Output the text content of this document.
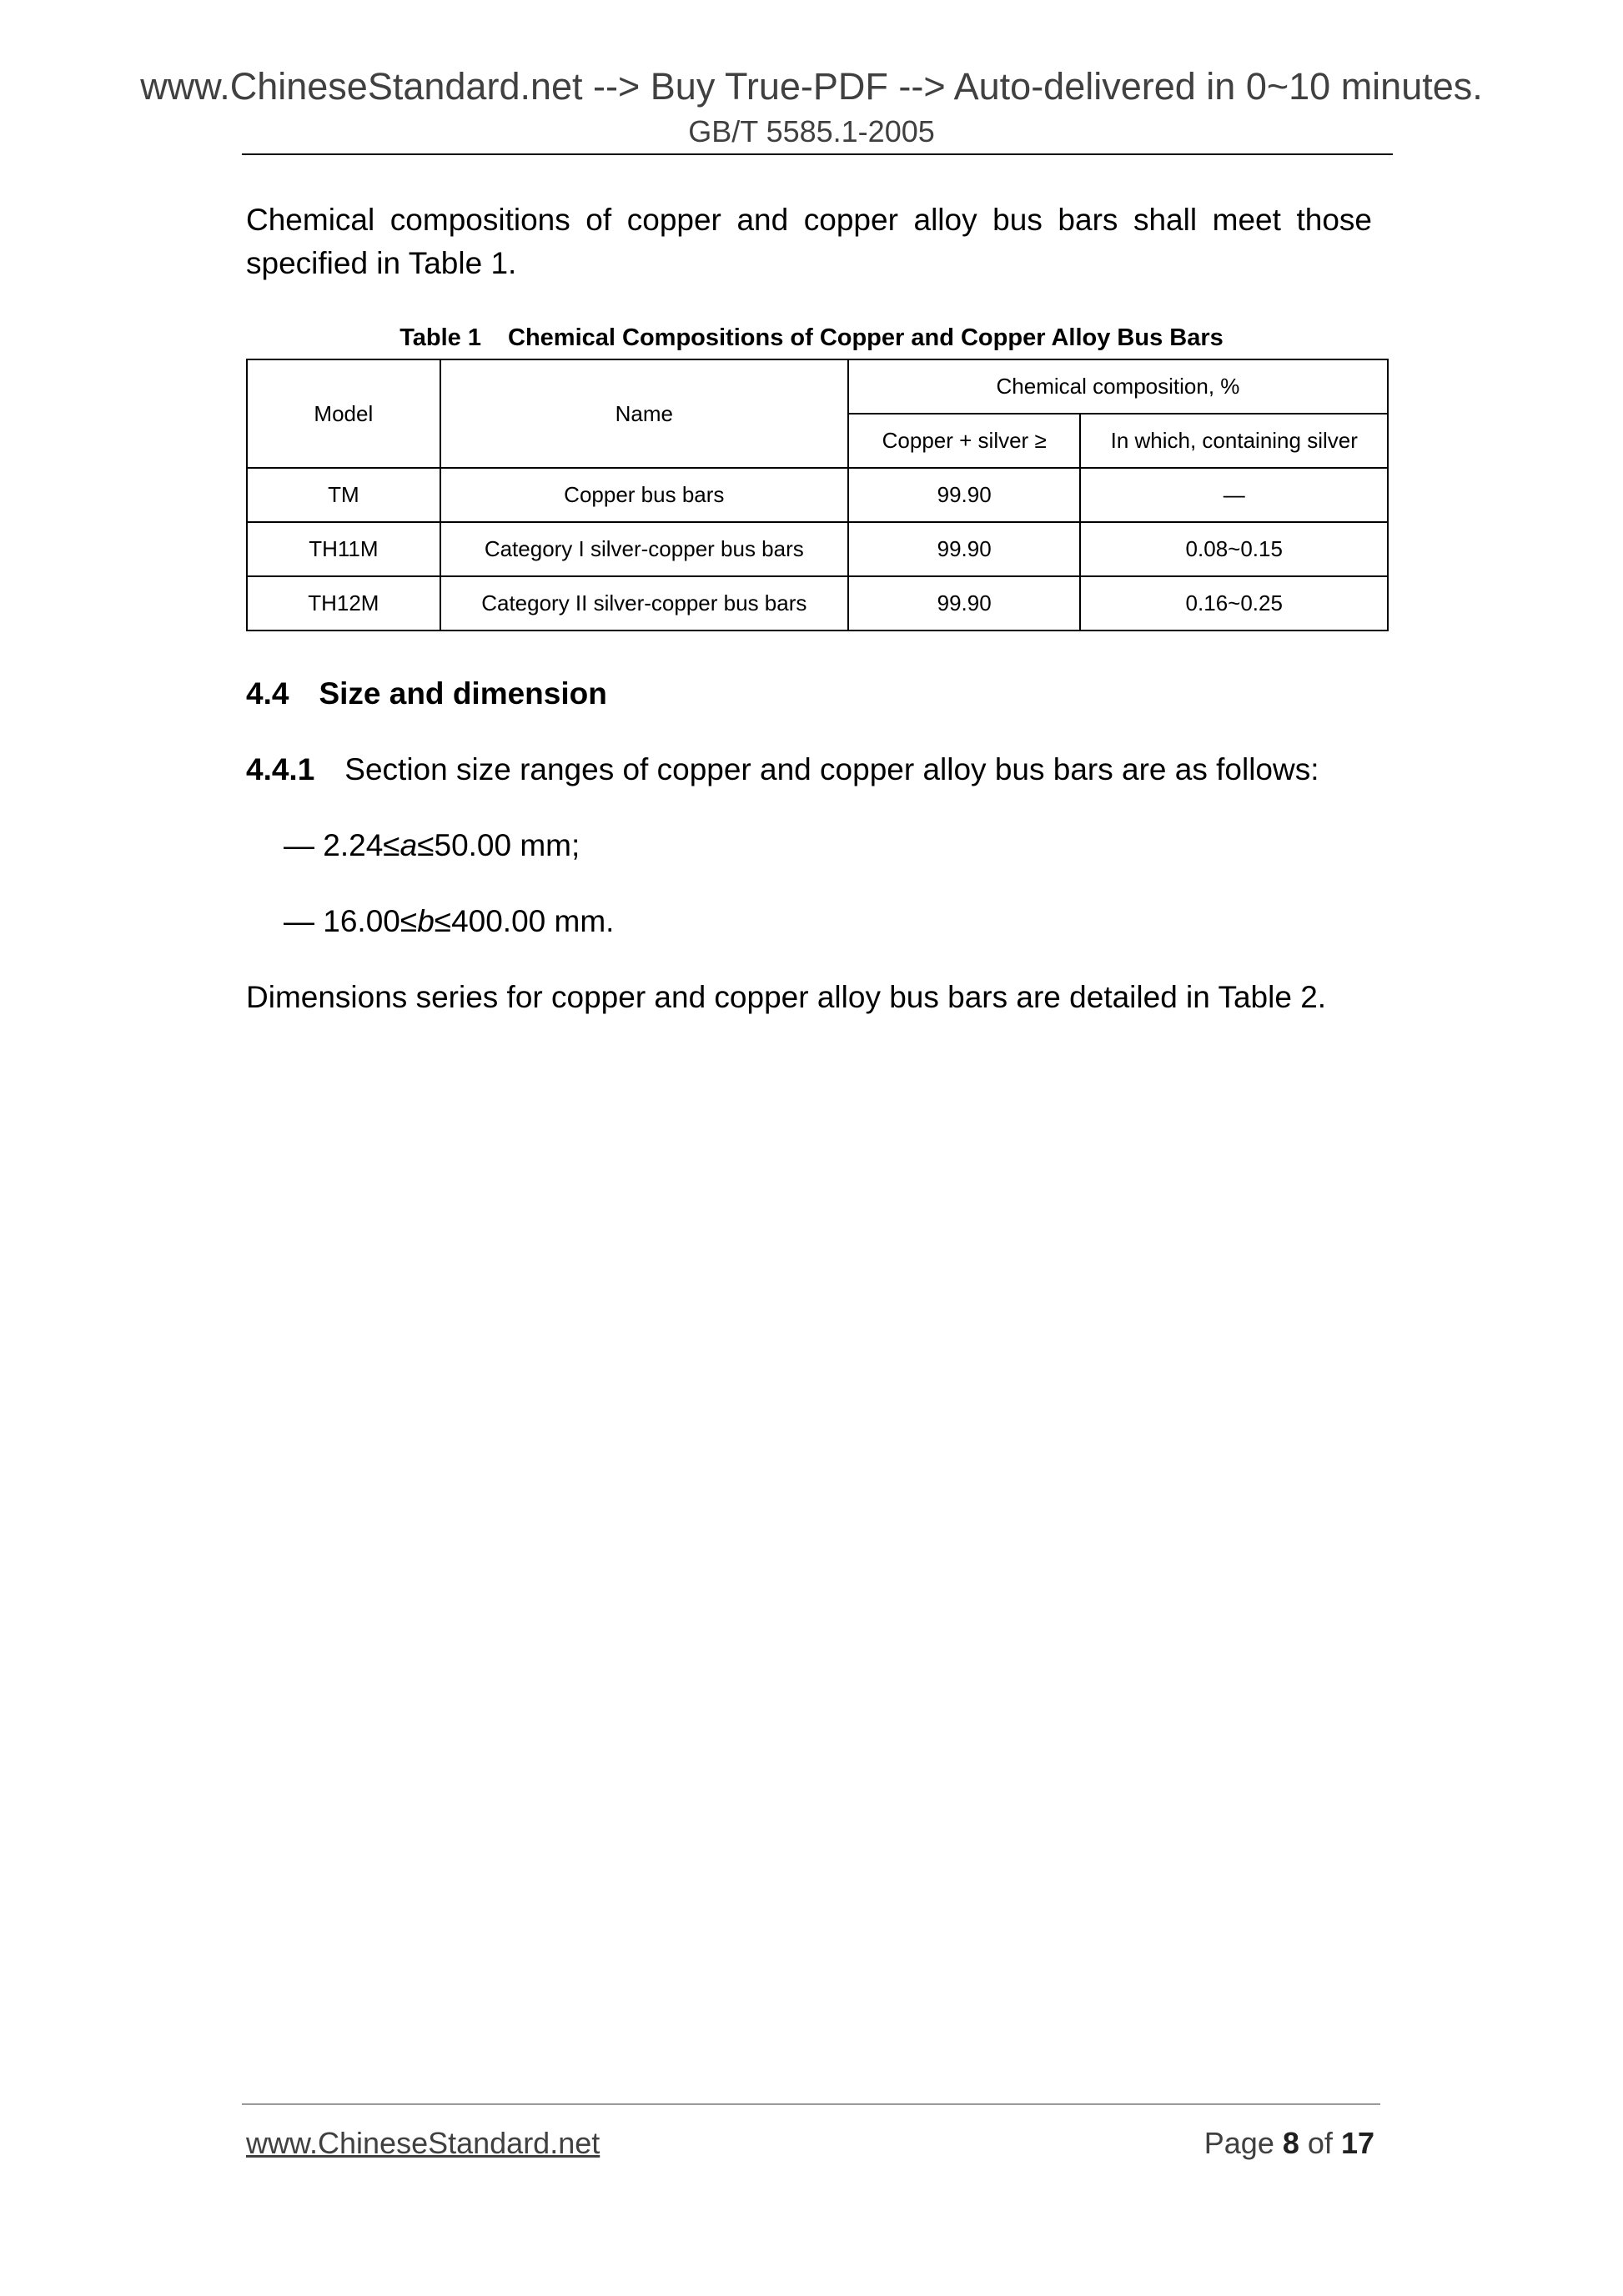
www.ChineseStandard.net --> Buy True-PDF --> Auto-delivered in 0~10 minutes.
GB/T 5585.1-2005
Chemical compositions of copper and copper alloy bus bars shall meet those specified in Table 1.
Table 1 Chemical Compositions of Copper and Copper Alloy Bus Bars
Model	Name	Chemical composition, %	
		Copper + silver ≥	In which, containing silver
TM	Copper bus bars	99.90	—
TH11M	Category I silver-copper bus bars	99.90	0.08~0.15
TH12M	Category II silver-copper bus bars	99.90	0.16~0.25
4.4 Size and dimension
4.4.1 Section size ranges of copper and copper alloy bus bars are as follows:
— 2.24≤a≤50.00 mm;
— 16.00≤b≤400.00 mm.
Dimensions series for copper and copper alloy bus bars are detailed in Table 2.
www.ChineseStandard.net	Page 8 of 17
